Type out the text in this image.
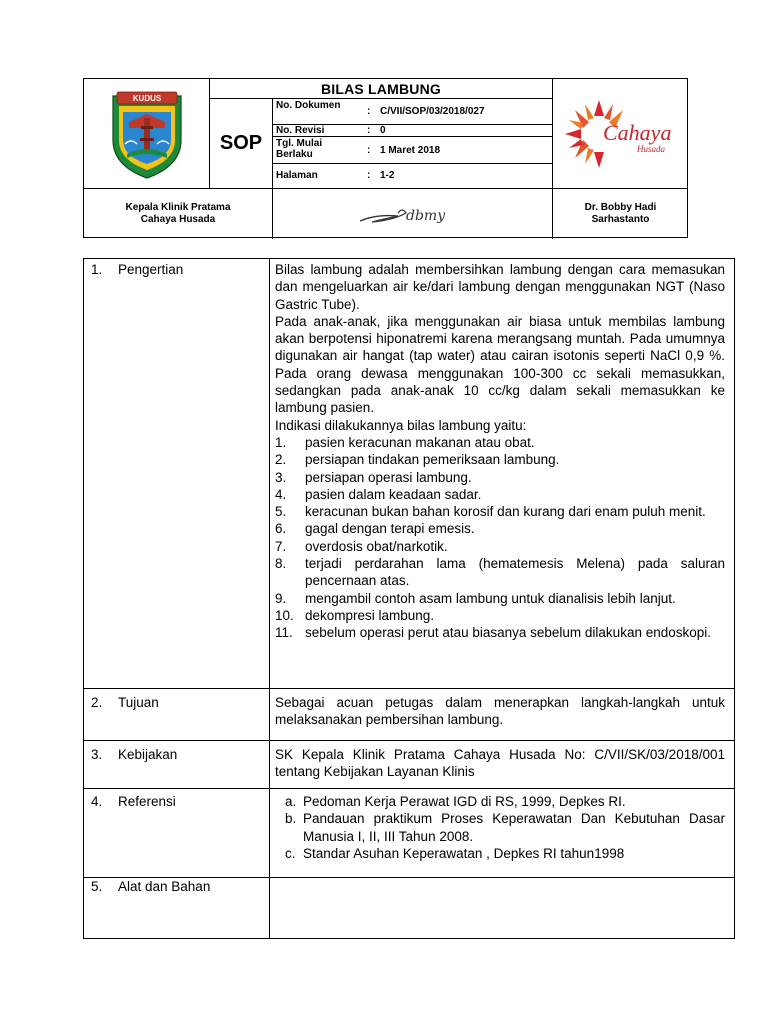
KUDUS
BILAS LAMBUNG
SOP
No. Dokumen
: C/VII/SOP/03/2018/027
No. Revisi	: 0
Tgl. Mulai Berlaku	: 1 Maret 2018
Halaman	: 1-2
Cahaya
Husada
Kepala Klinik Pratama
Cahaya Husada	dbmy
Dr. Bobby Hadi
Sarhastanto
1. Pengertian	Bilas lambung adalah membersihkan lambung dengan cara memasukan dan mengeluarkan air ke/dari lambung dengan menggunakan NGT (Naso Gastric Tube).

Pada anak-anak, jika menggunakan air biasa untuk membilas lambung akan berpotensi hiponatremi karena merangsang muntah. Pada umumnya digunakan air hangat (tap water) atau cairan isotonis seperti NaCl 0,9 %. Pada orang dewasa menggunakan 100-300 cc sekali memasukkan, sedangkan pada anak-anak 10 cc/kg dalam sekali memasukkan ke lambung pasien.

Indikasi dilakukannya bilas lambung yaitu:

1.	pasien keracunan makanan atau obat.
2.	persiapan tindakan pemeriksaan lambung.
3.	persiapan operasi lambung.
4.	pasien dalam keadaan sadar.
5.	keracunan bukan bahan korosif dan kurang dari enam puluh menit.
6.	gagal dengan terapi emesis.
7.	overdosis obat/narkotik.
8.	terjadi perdarahan lama (hematemesis Melena) pada saluran pencernaan atas.
9.	mengambil contoh asam lambung untuk dianalisis lebih lanjut.
10. dekompresi lambung.
11. sebelum operasi perut atau biasanya sebelum dilakukan endoskopi.
2. Tujuan	Sebagai acuan petugas dalam menerapkan langkah-langkah untuk melaksanakan pembersihan lambung.
3. Kebijakan	SK Kepala Klinik Pratama Cahaya Husada No: C/VII/SK/03/2018/001 tentang Kebijakan Layanan Klinis
4. Referensi	a. Pedoman Kerja Perawat IGD di RS, 1999, Depkes RI.
b. Pandauan praktikum Proses Keperawatan Dan Kebutuhan Dasar Manusia I, II, III Tahun 2008.
c. Standar Asuhan Keperawatan , Depkes RI tahun1998
5. Alat dan Bahan
